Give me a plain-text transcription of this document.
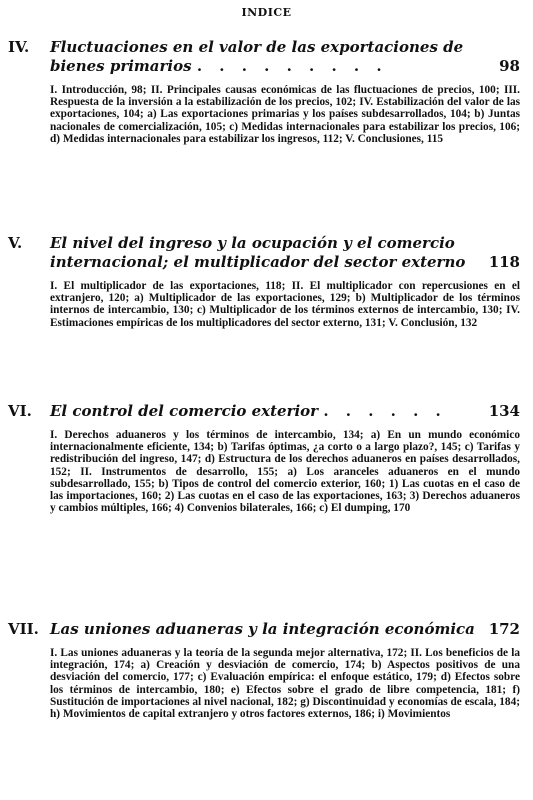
INDICE
IV.	Fluctuaciones en el valor de las exportaciones de bienes primarios . . . . . . . . .	98
I. Introducción, 98; II. Principales causas económicas de las fluctuaciones de precios, 100; III. Respuesta de la inversión a la estabilización de los precios, 102; IV. Estabilización del valor de las exportaciones, 104; a) Las exportaciones primarias y los países subdesarrollados, 104; b) Juntas nacionales de comercialización, 105; c) Medidas internacionales para estabilizar los precios, 106; d) Medidas internacionales para estabilizar los ingresos, 112; V. Conclusiones, 115
V.	El nivel del ingreso y la ocupación y el comercio internacional; el multiplicador del sector externo	118
I. El multiplicador de las exportaciones, 118; II. El multiplicador con repercusiones en el extranjero, 120; a) Multiplicador de las exportaciones, 129; b) Multiplicador de los términos internos de intercambio, 130; c) Multiplicador de los términos externos de intercambio, 130; IV. Estimaciones empíricas de los multiplicadores del sector externo, 131; V. Conclusión, 132
VI.	El control del comercio exterior . . . . . .	134
I. Derechos aduaneros y los términos de intercambio, 134; a) En un mundo económico internacionalmente eficiente, 134; b) Tarifas óptimas, ¿a corto o a largo plazo?, 145; c) Tarifas y redistribución del ingreso, 147; d) Estructura de los derechos aduaneros en países desarrollados, 152; II. Instrumentos de desarrollo, 155; a) Los aranceles aduaneros en el mundo subdesarrollado, 155; b) Tipos de control del comercio exterior, 160; 1) Las cuotas en el caso de las importaciones, 160; 2) Las cuotas en el caso de las exportaciones, 163; 3) Derechos aduaneros y cambios múltiples, 166; 4) Convenios bilaterales, 166; c) El dumping, 170
VII. Las uniones aduaneras y la integración económica 172
I. Las uniones aduaneras y la teoría de la segunda mejor alternativa, 172; II. Los beneficios de la integración, 174; a) Creación y desviación de comercio, 174; b) Aspectos positivos de una desviación del comercio, 177; c) Evaluación empírica: el enfoque estático, 179; d) Efectos sobre los términos de intercambio, 180; e) Efectos sobre el grado de libre competencia, 181; f) Sustitución de importaciones al nivel nacional, 182; g) Discontinuidad y economías de escala, 184; h) Movimientos de capital extranjero y otros factores externos, 186; i) Movimientos
